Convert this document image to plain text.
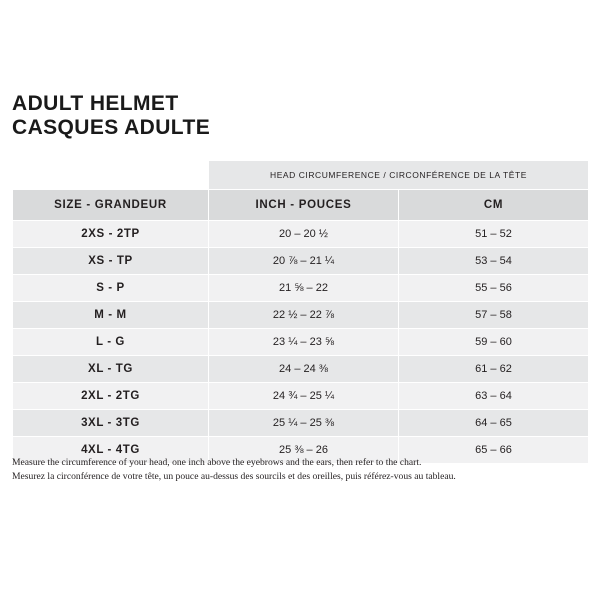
ADULT HELMET
CASQUES ADULTE
	HEAD CIRCUMFERENCE / CIRCONFÉRENCE DE LA TÊTE	
SIZE - GRANDEUR	INCH - POUCES	CM
2XS - 2TP	20 – 20 ½	51 – 52
XS - TP	20 ⅞ – 21 ¼	53 – 54
S - P	21 ⅝ – 22	55 – 56
M - M	22 ½ – 22 ⅞	57 – 58
L - G	23 ¼ – 23 ⅝	59 – 60
XL - TG	24 – 24 ⅜	61 – 62
2XL - 2TG	24 ¾ – 25 ¼	63 – 64
3XL - 3TG	25 ¼ – 25 ⅜	64 – 65
4XL - 4TG	25 ⅜ – 26	65 – 66
Measure the circumference of your head, one inch above the eyebrows and the ears, then refer to the chart.
Mesurez la circonférence de votre tête, un pouce au-dessus des sourcils et des oreilles, puis référez-vous au tableau.
